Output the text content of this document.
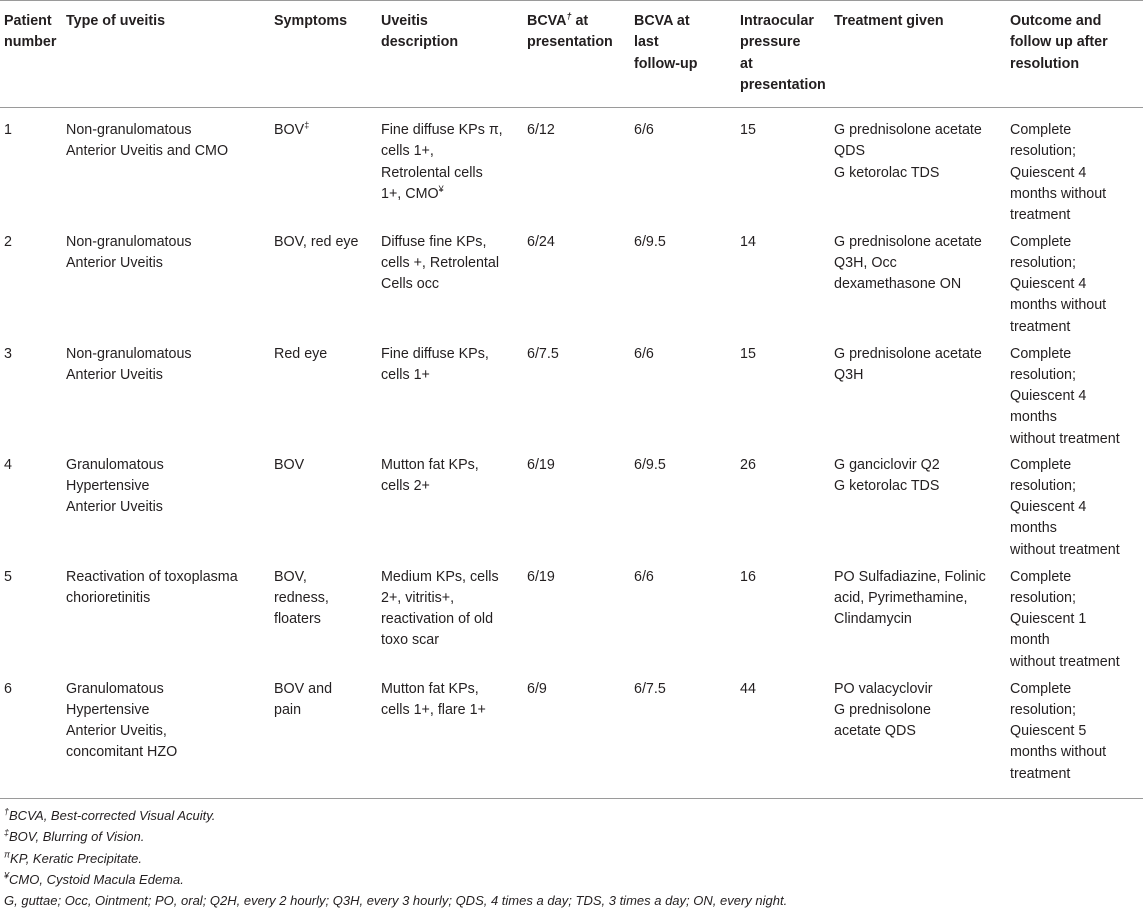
Patient
number	Type of uveitis	Symptoms	Uveitis
description	BCVA† at
presentation	BCVA at
last
follow-up	Intraocular
pressure
at
presentation	Treatment given	Outcome and
follow up after
resolution

1	Non-granulomatous
Anterior Uveitis and CMO	BOV‡	Fine diffuse KPs π,
cells 1+,
Retrolental cells
1+, CMO¥	6/12	6/6	15	G prednisolone acetate
QDS
G ketorolac TDS	Complete
resolution;
Quiescent 4
months without
treatment

2	Non-granulomatous
Anterior Uveitis	BOV, red eye	Diffuse fine KPs,
cells +, Retrolental
Cells occ	6/24	6/9.5	14	G prednisolone acetate
Q3H, Occ
dexamethasone ON	Complete
resolution;
Quiescent 4
months without
treatment

3	Non-granulomatous
Anterior Uveitis	Red eye	Fine diffuse KPs,
cells 1+	6/7.5	6/6	15	G prednisolone acetate
Q3H	Complete
resolution;
Quiescent 4
months
without treatment

4	Granulomatous
Hypertensive
Anterior Uveitis	BOV	Mutton fat KPs,
cells 2+	6/19	6/9.5	26	G ganciclovir Q2
G ketorolac TDS	Complete
resolution;
Quiescent 4
months
without treatment

5	Reactivation of toxoplasma
chorioretinitis	BOV,
redness,
floaters	Medium KPs, cells
2+, vitritis+,
reactivation of old
toxo scar	6/19	6/6	16	PO Sulfadiazine, Folinic
acid, Pyrimethamine,
Clindamycin	Complete
resolution;
Quiescent 1
month
without treatment

6	Granulomatous
Hypertensive
Anterior Uveitis,
concomitant HZO	BOV and
pain	Mutton fat KPs,
cells 1+, flare 1+	6/9	6/7.5	44	PO valacyclovir
G prednisolone
acetate QDS	Complete
resolution;
Quiescent 5
months without
treatment
†BCVA, Best-corrected Visual Acuity.
‡BOV, Blurring of Vision.
$^\pi$KP, Keratic Precipitate.
¥CMO, Cystoid Macula Edema.
G, guttae; Occ, Ointment; PO, oral; Q2H, every 2 hourly; Q3H, every 3 hourly; QDS, 4 times a day; TDS, 3 times a day; ON, every night.
